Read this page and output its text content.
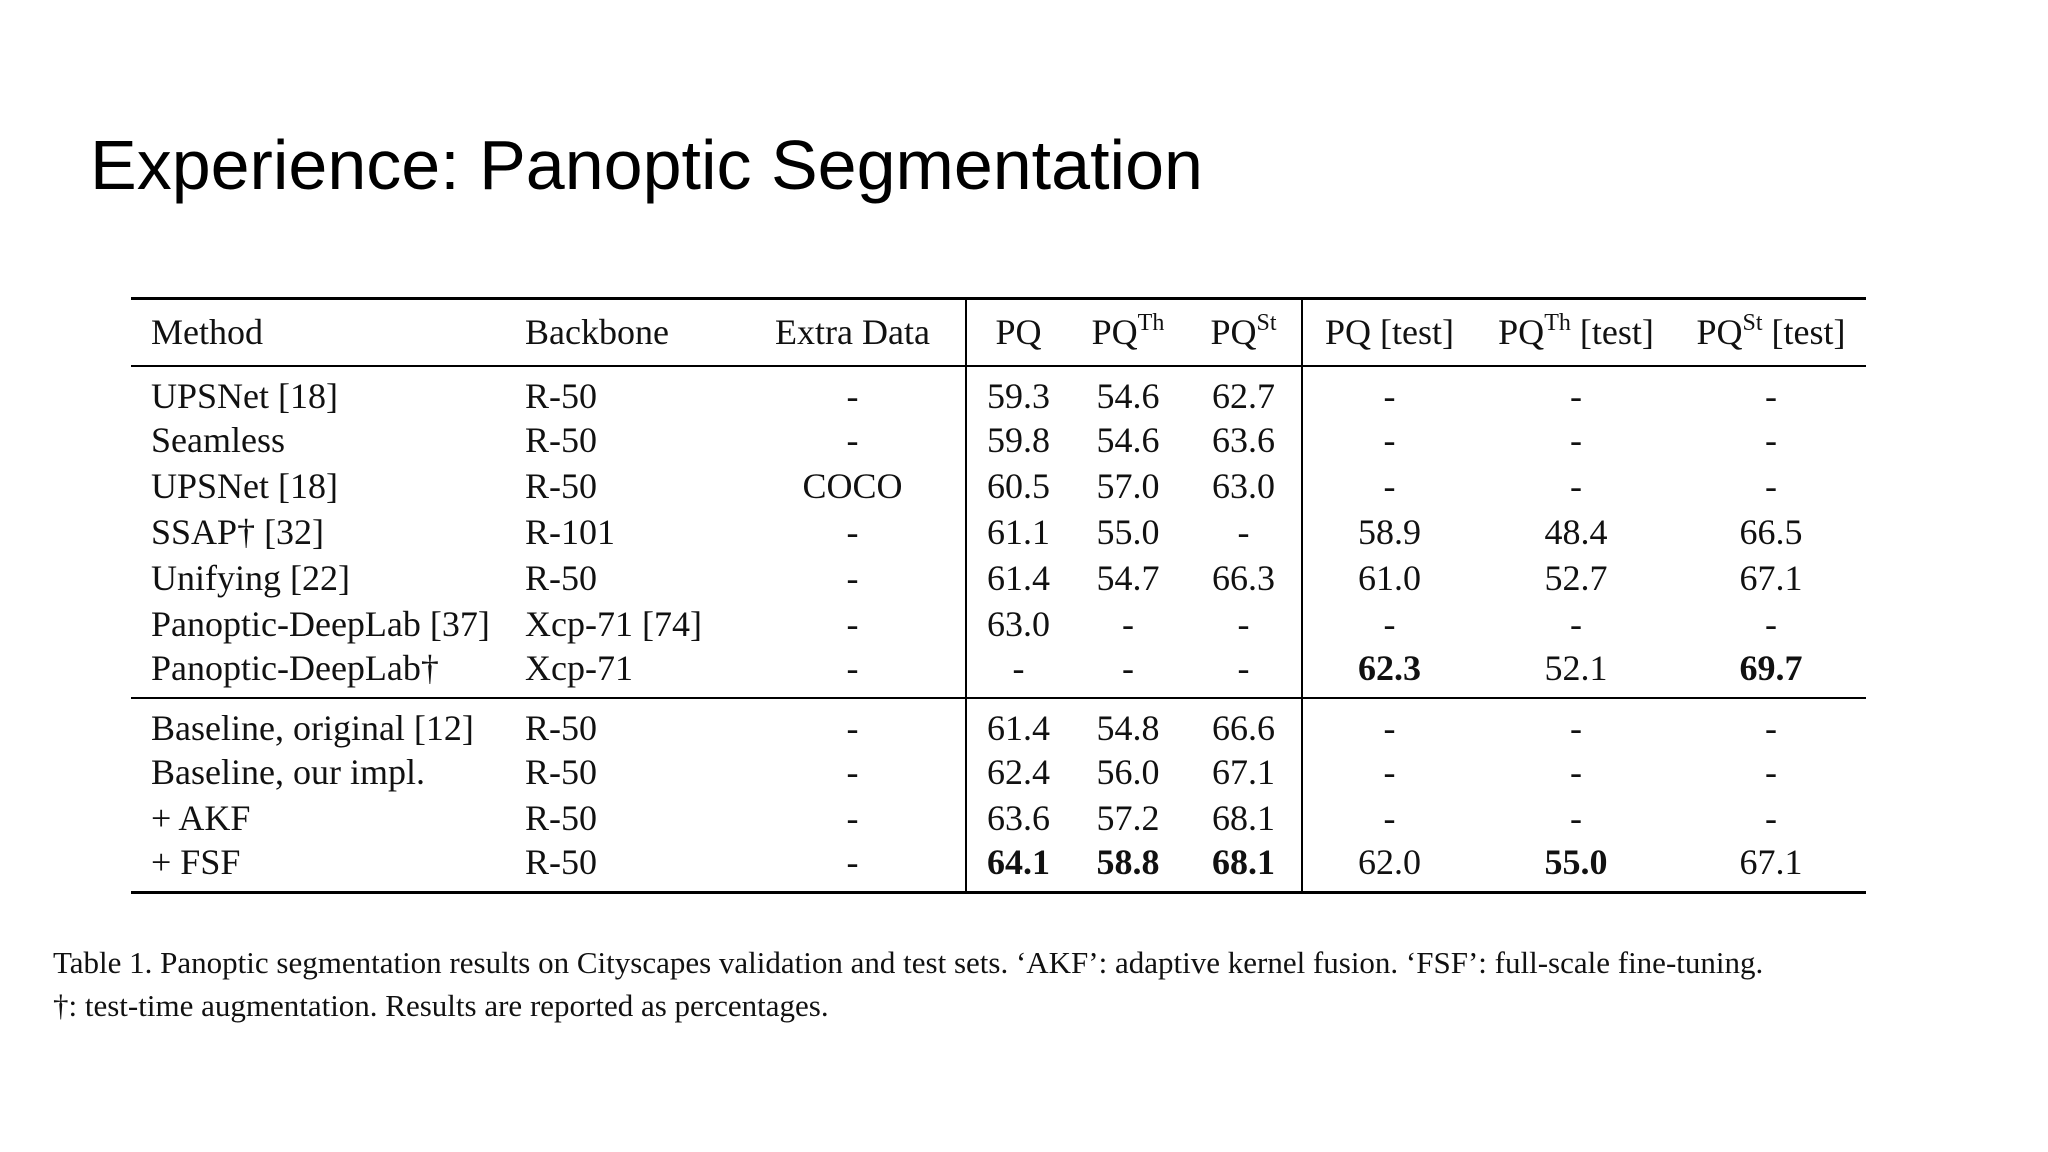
Experience: Panoptic Segmentation
Method	Backbone	Extra Data	PQ	$PQ^{Th}$	$PQ^{St}$	PQ [test]	$PQ^{Th}$ [test]	$PQ^{St}$ [test]
UPSNet [18]	R-50	-	59.3	54.6	62.7	-	-	-
Seamless	R-50	-	59.8	54.6	63.6	-	-	-
UPSNet [18]	R-50	COCO	60.5	57.0	63.0	-	-	-
SSAP† [32]	R-101	-	61.1	55.0	-	58.9	48.4	66.5
Unifying [22]	R-50	-	61.4	54.7	66.3	61.0	52.7	67.1
Panoptic-DeepLab [37]	Xcp-71 [74]	-	63.0	-	-	-	-	-
Panoptic-DeepLab†	Xcp-71	-	-	-	-	62.3	52.1	69.7
Baseline, original [12]	R-50	-	61.4	54.8	66.6	-	-	-
Baseline, our impl.	R-50	-	62.4	56.0	67.1	-	-	-
+ AKF	R-50	-	63.6	57.2	68.1	-	-	-
+ FSF	R-50	-	64.1	58.8	68.1	62.0	55.0	67.1

Table 1. Panoptic segmentation results on Cityscapes validation and test sets. ‘AKF’: adaptive kernel fusion. ‘FSF’: full-scale fine-tuning.
†: test-time augmentation. Results are reported as percentages.
